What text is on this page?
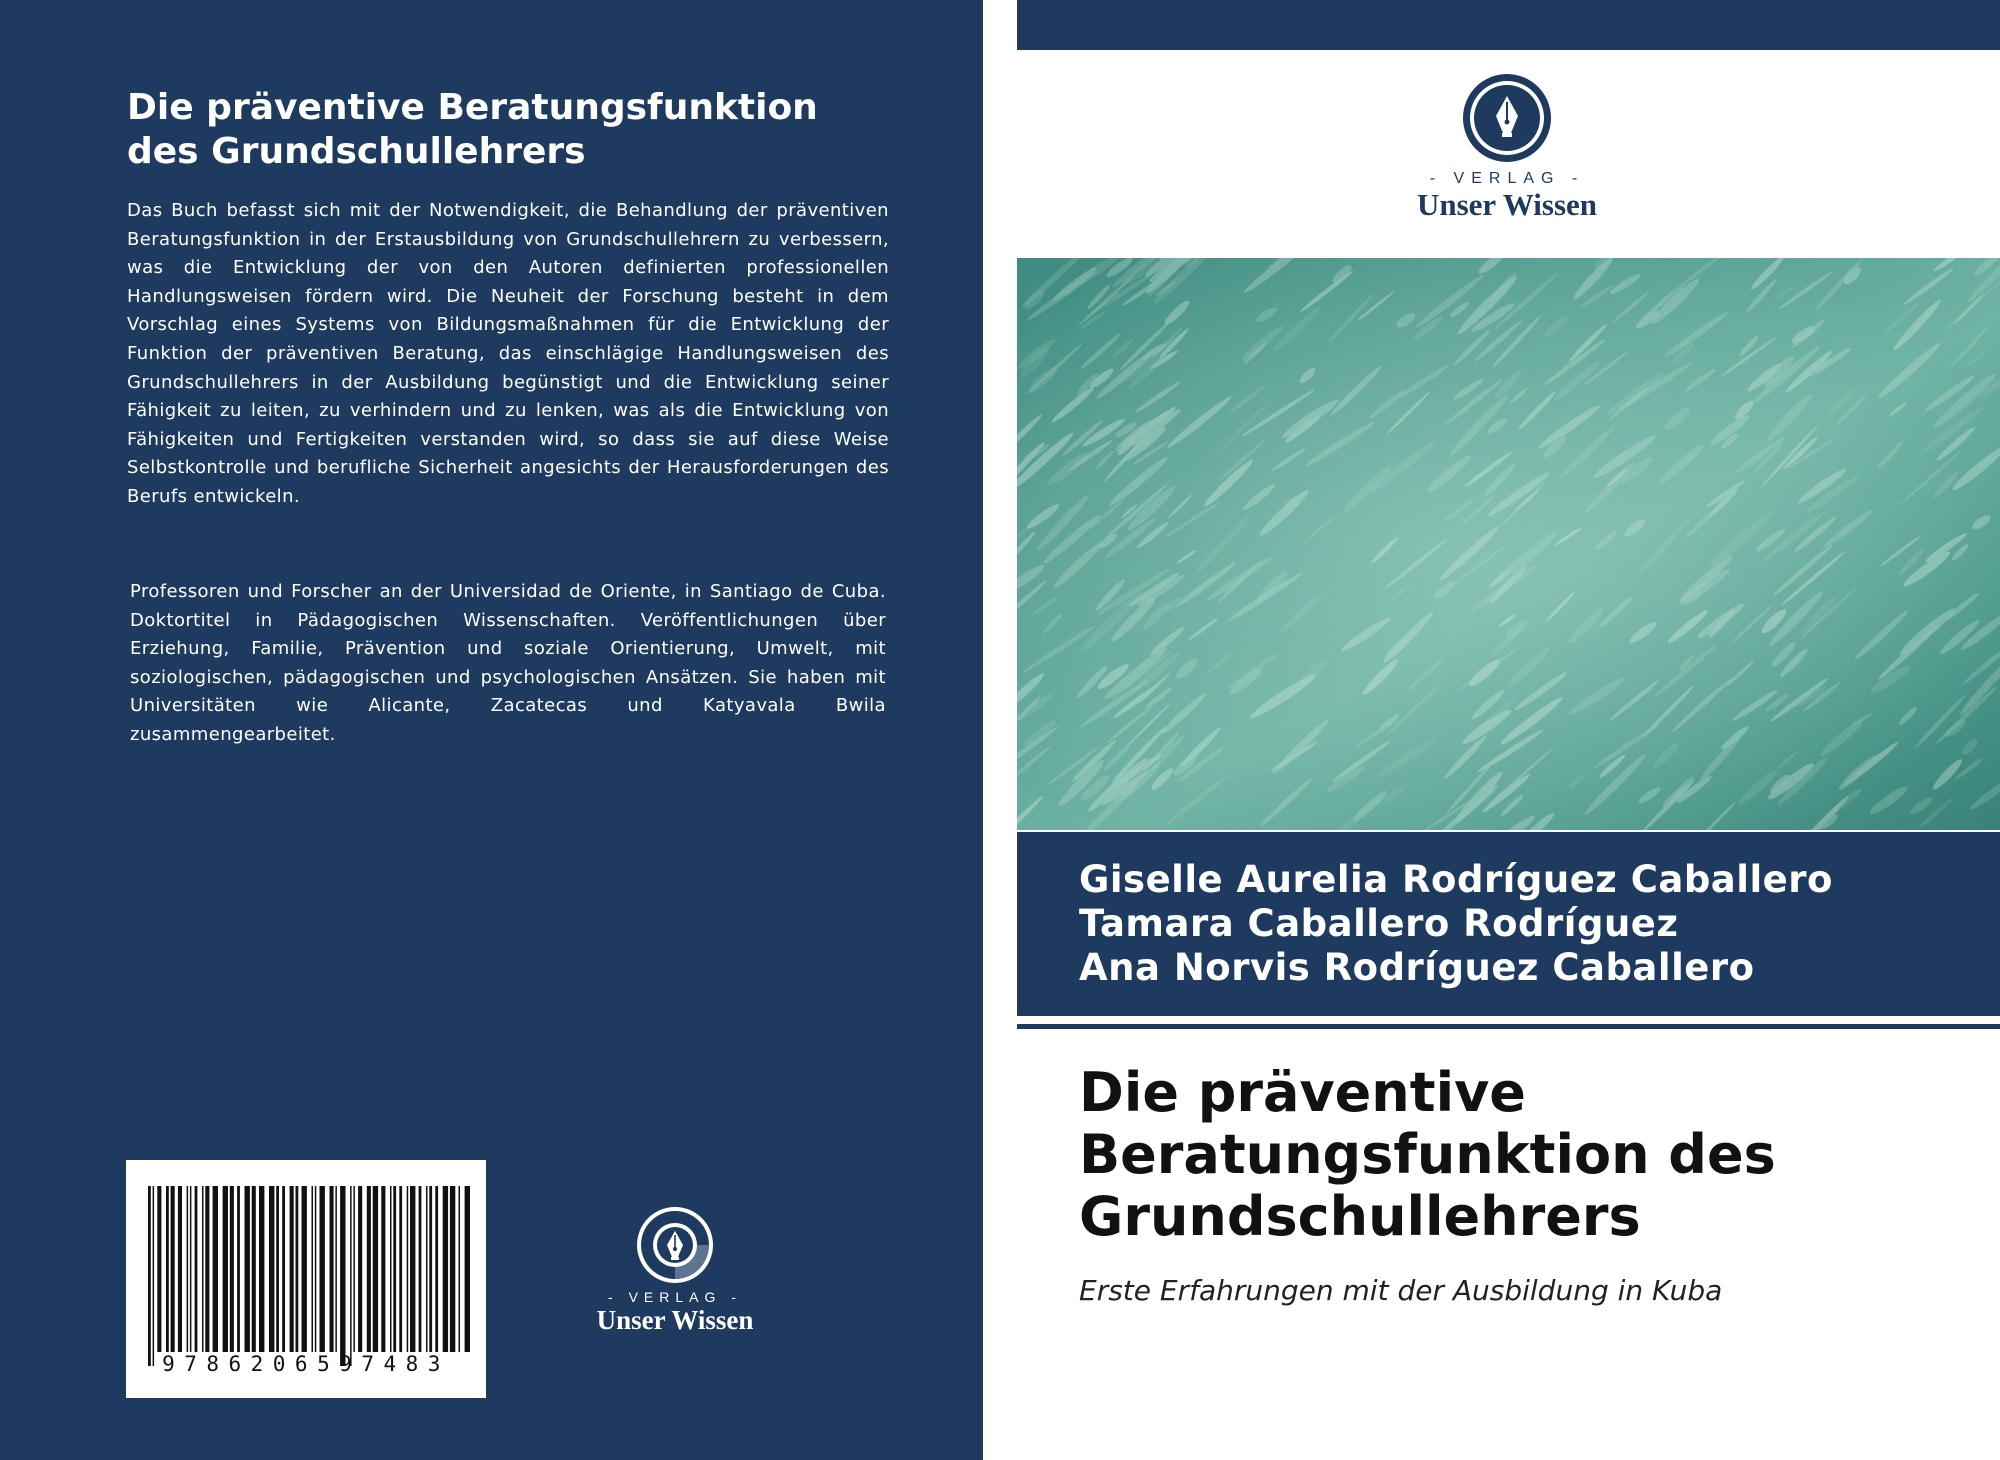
Die präventive Beratungsfunktion des Grundschullehrers

Das Buch befasst sich mit der Notwendigkeit, die Behandlung der präventiven Beratungsfunktion in der Erstausbildung von Grundschullehrern zu verbessern, was die Entwicklung der von den Autoren definierten professionellen Handlungsweisen fördern wird. Die Neuheit der Forschung besteht in dem Vorschlag eines Systems von Bildungsmaßnahmen für die Entwicklung der Funktion der präventiven Beratung, das einschlägige Handlungsweisen des Grundschullehrers in der Ausbildung begünstigt und die Entwicklung seiner Fähigkeit zu leiten, zu verhindern und zu lenken, was als die Entwicklung von Fähigkeiten und Fertigkeiten verstanden wird, so dass sie auf diese Weise Selbstkontrolle und berufliche Sicherheit angesichts der Herausforderungen des Berufs entwickeln.

Professoren und Forscher an der Universidad de Oriente, in Santiago de Cuba. Doktortitel in Pädagogischen Wissenschaften. Veröffentlichungen über Erziehung, Familie, Prävention und soziale Orientierung, Umwelt, mit soziologischen, pädagogischen und psychologischen Ansätzen. Sie haben mit Universitäten wie Alicante, Zacatecas und Katyavala Bwila zusammengearbeitet.

9786206597483
- VERLAG -
Unser Wissen
- VERLAG -
Unser Wissen
Giselle Aurelia Rodríguez Caballero
Tamara Caballero Rodríguez
Ana Norvis Rodríguez Caballero
Die präventive Beratungsfunktion des Grundschullehrers

Erste Erfahrungen mit der Ausbildung in Kuba
